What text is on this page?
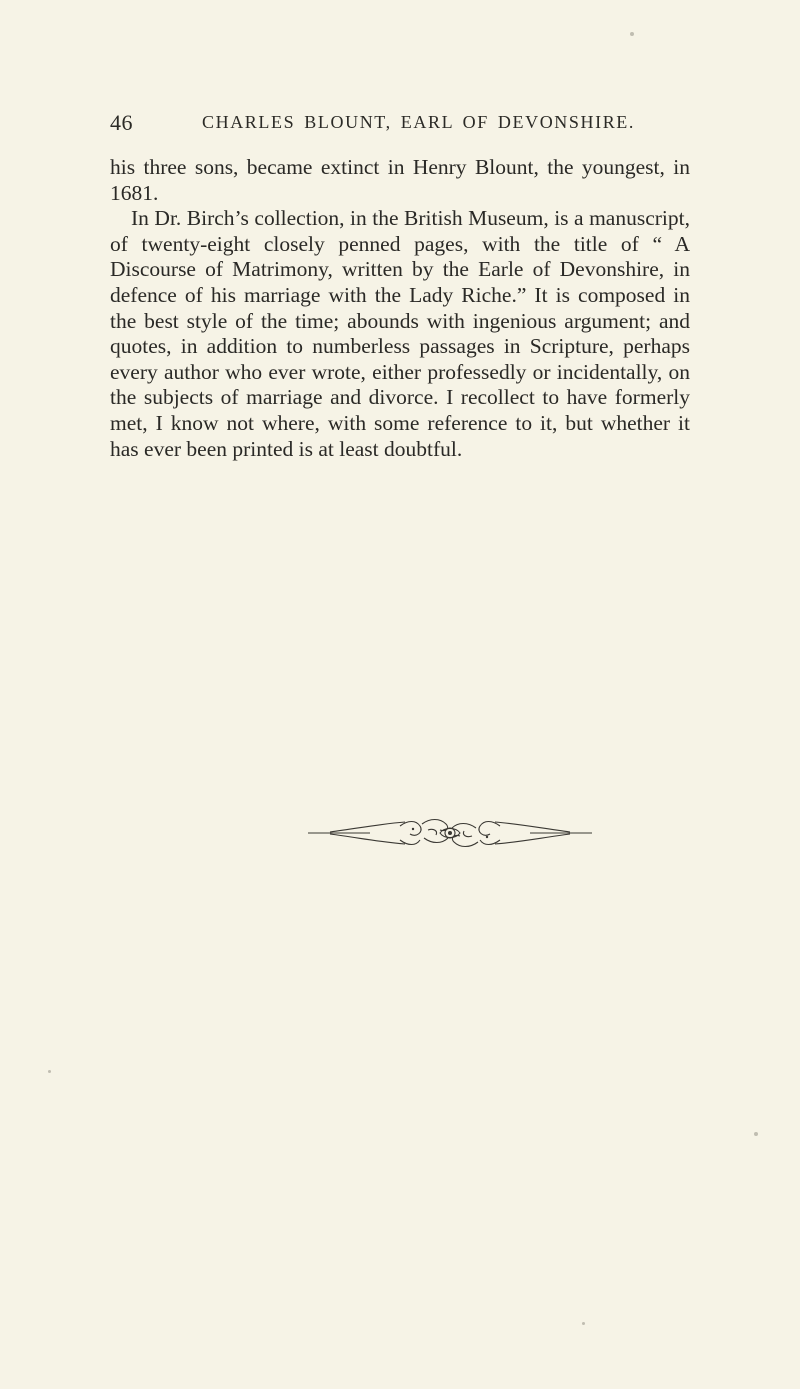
46	CHARLES BLOUNT, EARL OF DEVONSHIRE.

his three sons, became extinct in Henry Blount, the youngest, in 1681.

In Dr. Birch’s collection, in the British Museum, is a manuscript, of twenty-eight closely penned pages, with the title of “ A Discourse of Matrimony, written by the Earle of Devonshire, in defence of his marriage with the Lady Riche.” It is composed in the best style of the time; abounds with ingenious argument; and quotes, in addition to numberless passages in Scripture, perhaps every author who ever wrote, either professedly or incidentally, on the subjects of marriage and divorce. I recollect to have formerly met, I know not where, with some reference to it, but whether it has ever been printed is at least doubtful.
